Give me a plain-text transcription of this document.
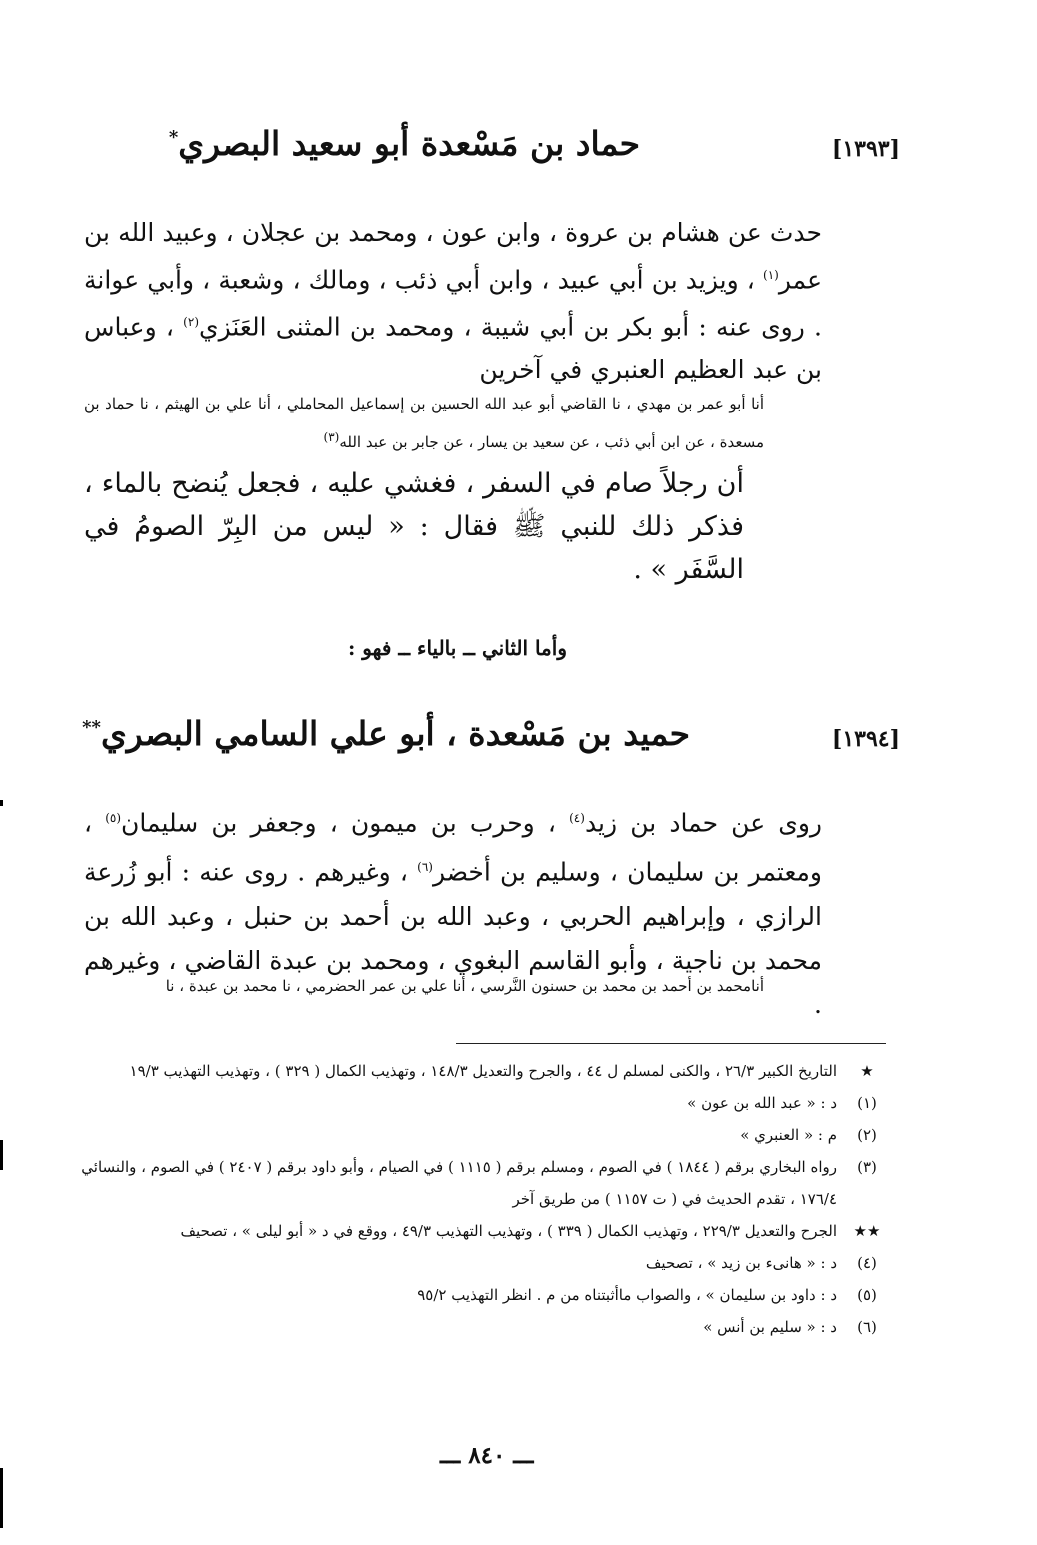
[١٣٩٣]
حماد بن مَسْعدة أبو سعيد البصري*
حدث عن هشام بن عروة ، وابن عون ، ومحمد بن عجلان ، وعبيد الله بن عمر$^{(١)}$ ، ويزيد بن أبي عبيد ، وابن أبي ذئب ، ومالك ، وشعبة ، وأبي عوانة . روى عنه : أبو بكر بن أبي شيبة ، ومحمد بن المثنى العَنَزي$^{(٢)}$ ، وعباس بن عبد العظيم العنبري في آخرين
أنا أبو عمر بن مهدي ، نا القاضي أبو عبد الله الحسين بن إسماعيل المحاملي ، أنا علي بن الهيثم ، نا حماد بن مسعدة ، عن ابن أبي ذئب ، عن سعيد بن يسار ، عن جابر بن عبد الله$^{(٣)}$
أن رجلاً صام في السفر ، فغشي عليه ، فجعل يُنضح بالماء ، فذكر ذلك للنبي ﷺ فقال : « ليس من البِرّ الصومُ في السَّفَر » .
وأما الثاني ــ بالياء ــ فهو :
[١٣٩٤]
حميد بن مَسْعدة ، أبو علي السامي البصري**
روى عن حماد بن زيد$^{(٤)}$ ، وحرب بن ميمون ، وجعفر بن سليمان$^{(٥)}$ ، ومعتمر بن سليمان ، وسليم بن أخضر$^{(٦)}$ ، وغيرهم . روى عنه : أبو زُرعة الرازي ، وإبراهيم الحربي ، وعبد الله بن أحمد بن حنبل ، وعبد الله بن محمد بن ناجية ، وأبو القاسم البغوي ، ومحمد بن عبدة القاضي ، وغيرهم .
أنامحمد بن أحمد بن محمد بن حسنون النَّرسي ، أنا علي بن عمر الحضرمي ، نا محمد بن عبدة ، نا
★
التاريخ الكبير ٢٦/٣ ، والكنى لمسلم ل ٤٤ ، والجرح والتعديل ١٤٨/٣ ، وتهذيب الكمال ( ٣٢٩ ) ، وتهذيب التهذيب ١٩/٣
(١)
د : « عبد الله بن عون »
(٢)
م : « العنبري »
(٣)
رواه البخاري برقم ( ١٨٤٤ ) في الصوم ، ومسلم برقم ( ١١١٥ ) في الصيام ، وأبو داود برقم ( ٢٤٠٧ ) في الصوم ، والنسائي ١٧٦/٤ ، تقدم الحديث في ( ت ١١٥٧ ) من طريق آخر
★★
الجرح والتعديل ٢٢٩/٣ ، وتهذيب الكمال ( ٣٣٩ ) ، وتهذيب التهذيب ٤٩/٣ ، ووقع في د « أبو ليلى » ، تصحيف
(٤)
د : « هانىء بن زيد » ، تصحيف
(٥)
د : داود بن سليمان » ، والصواب ماأثبتناه من م . انظر التهذيب ٩٥/٢
(٦)
د : « سليم بن أنس »
ـــ ٨٤٠ ـــ
